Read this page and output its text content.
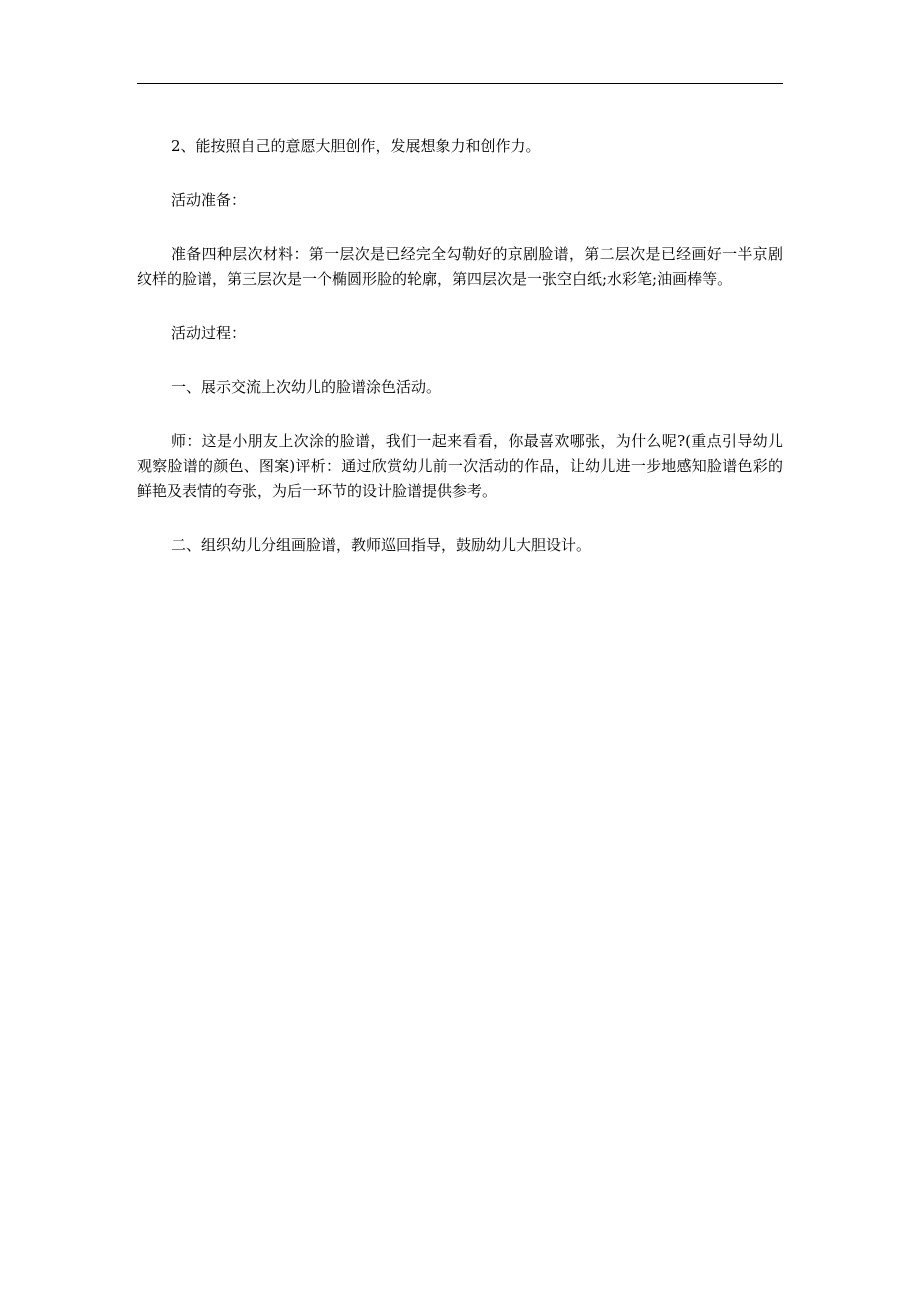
2、能按照自己的意愿大胆创作，发展想象力和创作力。

活动准备：

准备四种层次材料：第一层次是已经完全勾勒好的京剧脸谱，第二层次是已经画好一半京剧纹样的脸谱，第三层次是一个椭圆形脸的轮廓，第四层次是一张空白纸;水彩笔;油画棒等。

活动过程：

一、展示交流上次幼儿的脸谱涂色活动。

师：这是小朋友上次涂的脸谱，我们一起来看看，你最喜欢哪张，为什么呢?(重点引导幼儿观察脸谱的颜色、图案)评析：通过欣赏幼儿前一次活动的作品，让幼儿进一步地感知脸谱色彩的鲜艳及表情的夸张，为后一环节的设计脸谱提供参考。

二、组织幼儿分组画脸谱，教师巡回指导，鼓励幼儿大胆设计。
